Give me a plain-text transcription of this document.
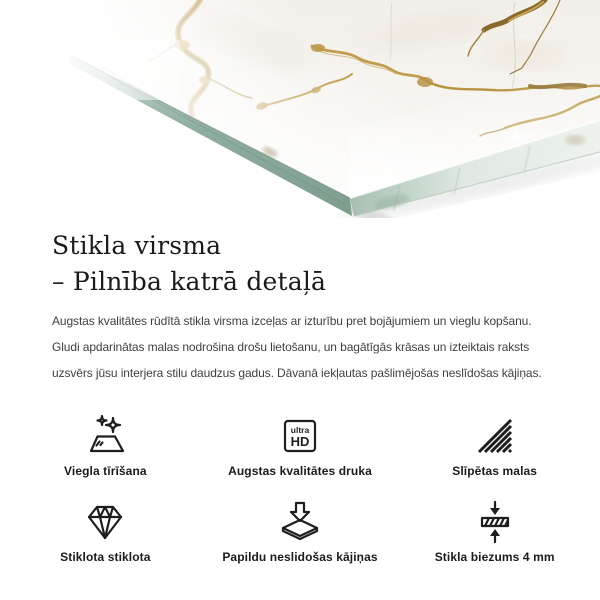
Stikla virsma
– Pilnība katrā detaļā

Augstas kvalitātes rūdītā stikla virsma izceļas ar izturību pret bojājumiem un vieglu kopšanu.
Gludi apdarinātas malas nodrošina drošu lietošanu, un bagātīgās krāsas un izteiktais raksts
uzsvērs jūsu interjera stilu daudzus gadus. Dāvanā iekļautas pašlimējošas neslīdošas kājiņas.

Viegla tīrīšana
ultra
HD
Augstas kvalitātes druka	Slīpētas malas
Stiklota stiklota	Papildu neslidošas kājiņas	Stikla biezums 4 mm
